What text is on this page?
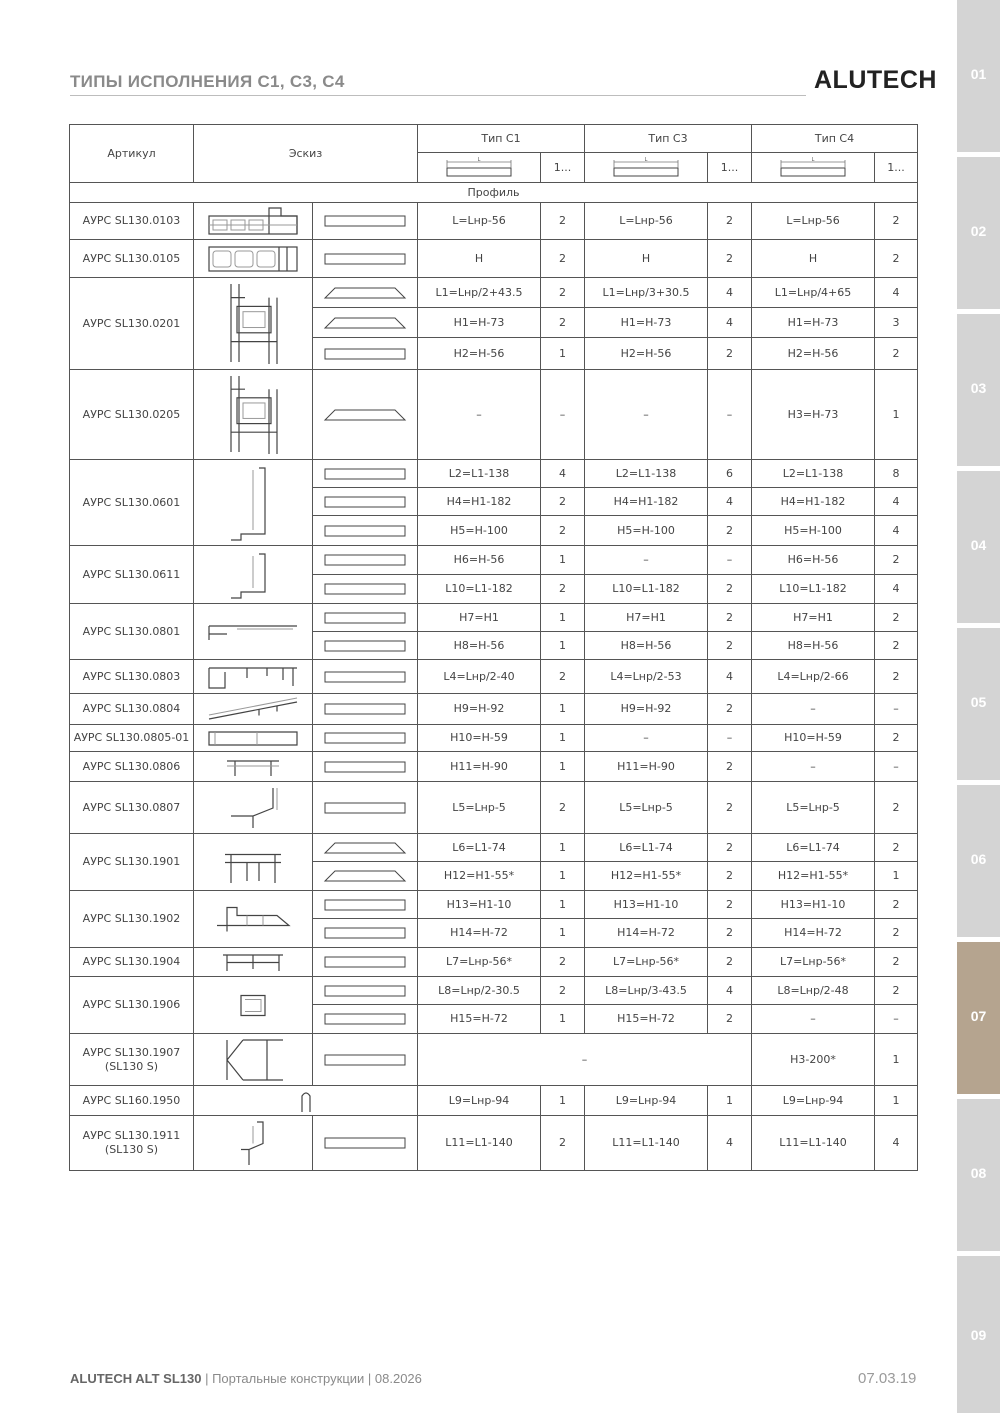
ТИПЫ ИСПОЛНЕНИЯ С1, С3, С4	ALUTECH	01
02
03
04
05
06
07
08
09
Артикул	Эскиз		Тип С1		Тип С3		Тип С4	

L	1...	L	1...	L	1...
Профиль								

АУРС SL130.0103			L=Lнр-56	2	L=Lнр-56	2	L=Lнр-56	2

АУРС SL130.0105			H	2	H	2	H	2

АУРС SL130.0201			L1=Lнр/2+43.5	2	L1=Lнр/3+30.5	4	L1=Lнр/4+65	4

	H1=H-73	2	H1=H-73	4	H1=H-73	3

	H2=H-56	1	H2=H-56	2	H2=H-56	2

АУРС SL130.0205			–	–	–	–	H3=H-73	1

АУРС SL130.0601			L2=L1-138	4	L2=L1-138	6	L2=L1-138	8

	H4=H1-182	2	H4=H1-182	4	H4=H1-182	4

	H5=H-100	2	H5=H-100	2	H5=H-100	4

АУРС SL130.0611			H6=H-56	1	–	–	H6=H-56	2

	L10=L1-182	2	L10=L1-182	2	L10=L1-182	4

АУРС SL130.0801			H7=H1	1	H7=H1	2	H7=H1	2

	H8=H-56	1	H8=H-56	2	H8=H-56	2

АУРС SL130.0803			L4=Lнр/2-40	2	L4=Lнр/2-53	4	L4=Lнр/2-66	2

АУРС SL130.0804			H9=H-92	1	H9=H-92	2	–	–

АУРС SL130.0805-01			H10=H-59	1	–	–	H10=H-59	2

АУРС SL130.0806			H11=H-90	1	H11=H-90	2	–	–

АУРС SL130.0807			L5=Lнр-5	2	L5=Lнр-5	2	L5=Lнр-5	2

АУРС SL130.1901			L6=L1-74	1	L6=L1-74	2	L6=L1-74	2

	H12=H1-55*	1	H12=H1-55*	2	H12=H1-55*	1

АУРС SL130.1902			H13=H1-10	1	H13=H1-10	2	H13=H1-10	2

	H14=H-72	1	H14=H-72	2	H14=H-72	2

АУРС SL130.1904			L7=Lнр-56*	2	L7=Lнр-56*	2	L7=Lнр-56*	2

АУРС SL130.1906			L8=Lнр/2-30.5	2	L8=Lнр/3-43.5	4	L8=Lнр/2-48	2

	H15=H-72	1	H15=H-72	2	–	–

АУРС SL130.1907
(SL130 S)			–				H3-200*	1

АУРС SL160.1950			L9=Lнр-94	1	L9=Lнр-94	1	L9=Lнр-94	1

АУРС SL130.1911
(SL130 S)			L11=L1-140	2	L11=L1-140	4	L11=L1-140	4
ALUTECH ALT SL130 | Портальные конструкции | 08.2026	07.03.19
